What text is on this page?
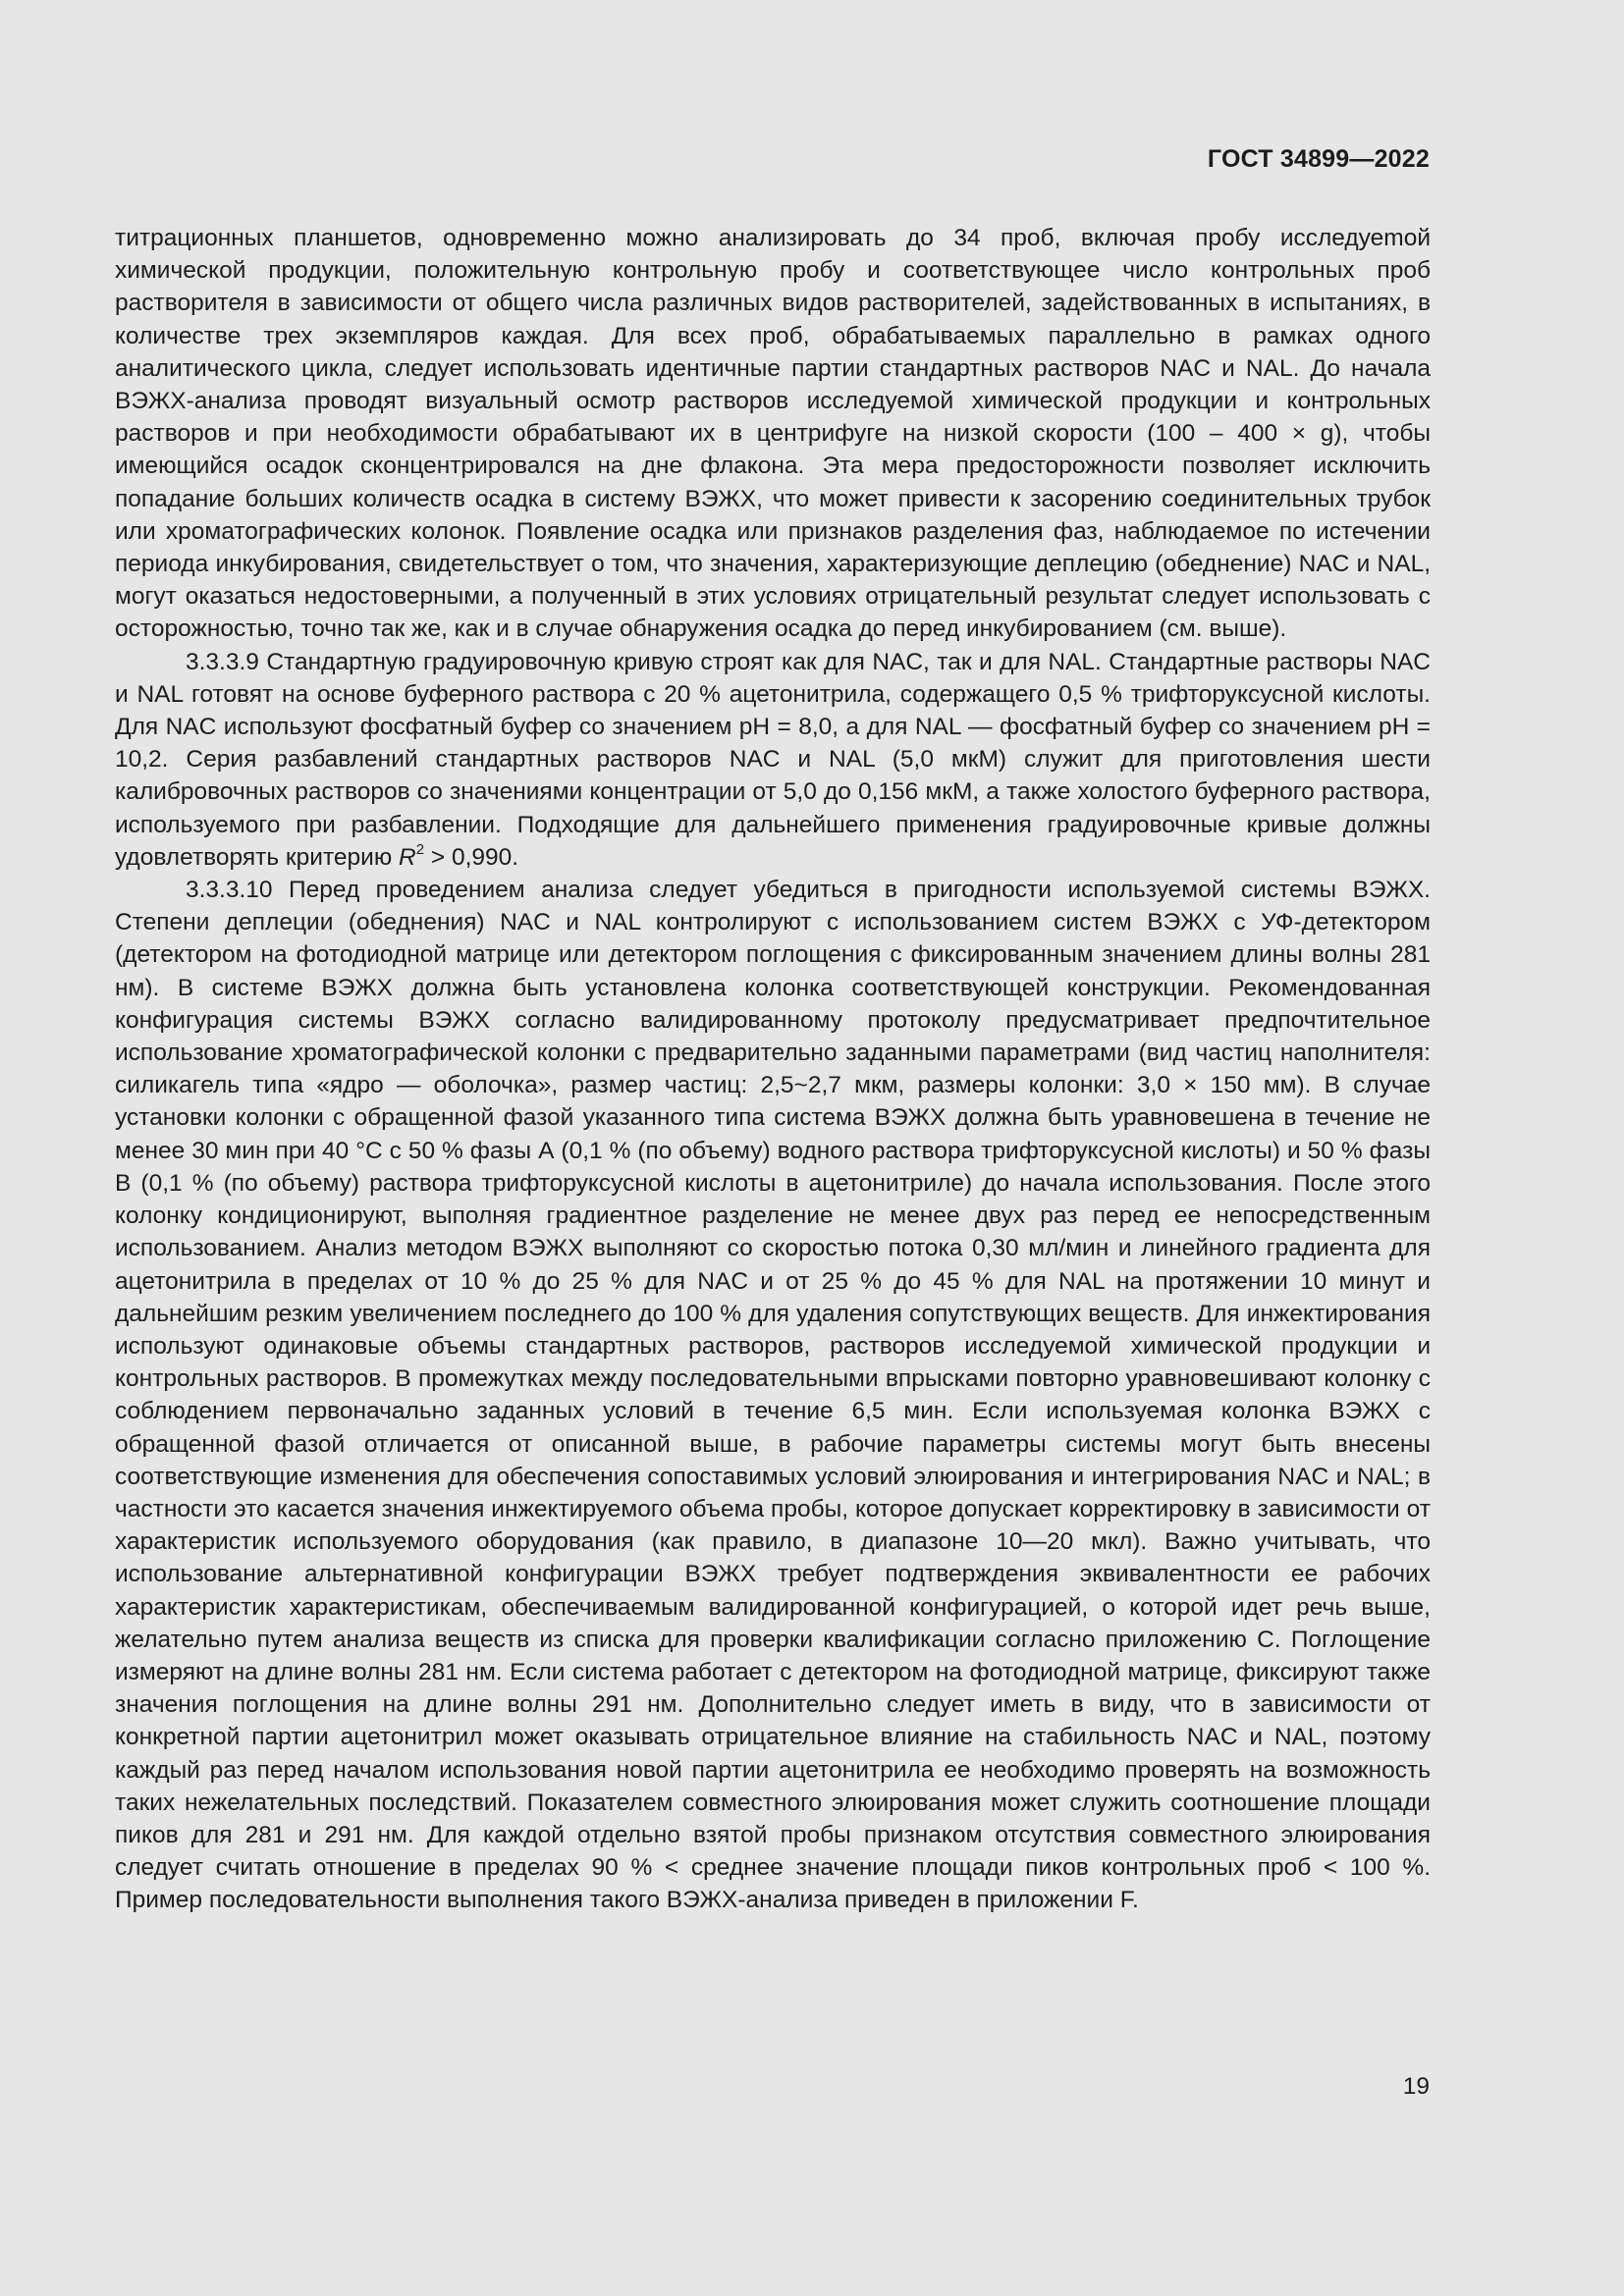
ГОСТ 34899—2022

титрационных планшетов, одновременно можно анализировать до 34 проб, включая пробу исследуеmой химической продукции, положительную контрольную пробу и соответствующее число контрольных проб растворителя в зависимости от общего числа различных видов растворителей, задействованных в испытаниях, в количестве трех экземпляров каждая. Для всех проб, обрабатываемых параллельно в рамках одного аналитического цикла, следует использовать идентичные партии стандартных растворов NAC и NAL. До начала ВЭЖХ-анализа проводят визуальный осмотр растворов исследуемой химической продукции и контрольных растворов и при необходимости обрабатывают их в центрифуге на низкой скорости (100 – 400 × g), чтобы имеющийся осадок сконцентрировался на дне флакона. Эта мера предосторожности позволяет исключить попадание больших количеств осадка в систему ВЭЖХ, что может привести к засорению соединительных трубок или хроматографических колонок. Появление осадка или признаков разделения фаз, наблюдаемое по истечении периода инкубирования, свидетельствует о том, что значения, характеризующие деплецию (обеднение) NAC и NAL, могут оказаться недостоверными, а полученный в этих условиях отрицательный результат следует использовать с осторожностью, точно так же, как и в случае обнаружения осадка до перед инкубированием (см. выше).

3.3.3.9 Стандартную градуировочную кривую строят как для NAC, так и для NAL. Стандартные растворы NAC и NAL готовят на основе буферного раствора с 20 % ацетонитрила, содержащего 0,5 % трифторуксусной кислоты. Для NAC используют фосфатный буфер со значением pH = 8,0, а для NAL — фосфатный буфер со значением pH = 10,2. Серия разбавлений стандартных растворов NAC и NAL (5,0 мкМ) служит для приготовления шести калибровочных растворов со значениями концентрации от 5,0 до 0,156 мкМ, а также холостого буферного раствора, используемого при разбавлении. Подходящие для дальнейшего применения градуировочные кривые должны удовлетворять критерию $R^2 > 0,990$.

3.3.3.10 Перед проведением анализа следует убедиться в пригодности используемой системы ВЭЖХ. Степени деплеции (обеднения) NAC и NAL контролируют с использованием систем ВЭЖХ с УФ-детектором (детектором на фотодиодной матрице или детектором поглощения с фиксированным значением длины волны 281 нм). В системе ВЭЖХ должна быть установлена колонка соответствующей конструкции. Рекомендованная конфигурация системы ВЭЖХ согласно валидированному протоколу предусматривает предпочтительное использование хроматографической колонки с предварительно заданными параметрами (вид частиц наполнителя: силикагель типа «ядро — оболочка», размер частиц: 2,5~2,7 мкм, размеры колонки: 3,0 × 150 мм). В случае установки колонки с обращенной фазой указанного типа система ВЭЖХ должна быть уравновешена в течение не менее 30 мин при 40 °С с 50 % фазы А (0,1 % (по объему) водного раствора трифторуксусной кислоты) и 50 % фазы В (0,1 % (по объему) раствора трифторуксусной кислоты в ацетонитриле) до начала использования. После этого колонку кондиционируют, выполняя градиентное разделение не менее двух раз перед ее непосредственным использованием. Анализ методом ВЭЖХ выполняют со скоростью потока 0,30 мл/мин и линейного градиента для ацетонитрила в пределах от 10 % до 25 % для NAC и от 25 % до 45 % для NAL на протяжении 10 минут и дальнейшим резким увеличением последнего до 100 % для удаления сопутствующих веществ. Для инжектирования используют одинаковые объемы стандартных растворов, растворов исследуемой химической продукции и контрольных растворов. В промежутках между последовательными впрысками повторно уравновешивают колонку с соблюдением первоначально заданных условий в течение 6,5 мин. Если используемая колонка ВЭЖХ с обращенной фазой отличается от описанной выше, в рабочие параметры системы могут быть внесены соответствующие изменения для обеспечения сопоставимых условий элюирования и интегрирования NAC и NAL; в частности это касается значения инжектируемого объема пробы, которое допускает корректировку в зависимости от характеристик используемого оборудования (как правило, в диапазоне 10—20 мкл). Важно учитывать, что использование альтернативной конфигурации ВЭЖХ требует подтверждения эквивалентности ее рабочих характеристик характеристикам, обеспечиваемым валидированной конфигурацией, о которой идет речь выше, желательно путем анализа веществ из списка для проверки квалификации согласно приложению С. Поглощение измеряют на длине волны 281 нм. Если система работает с детектором на фотодиодной матрице, фиксируют также значения поглощения на длине волны 291 нм. Дополнительно следует иметь в виду, что в зависимости от конкретной партии ацетонитрил может оказывать отрицательное влияние на стабильность NAC и NAL, поэтому каждый раз перед началом использования новой партии ацетонитрила ее необходимо проверять на возможность таких нежелательных последствий. Показателем совместного элюирования может служить соотношение площади пиков для 281 и 291 нм. Для каждой отдельно взятой пробы признаком отсутствия совместного элюирования следует считать отношение в пределах 90 % < среднее значение площади пиков контрольных проб < 100 %. Пример последовательности выполнения такого ВЭЖХ-анализа приведен в приложении F.

19
